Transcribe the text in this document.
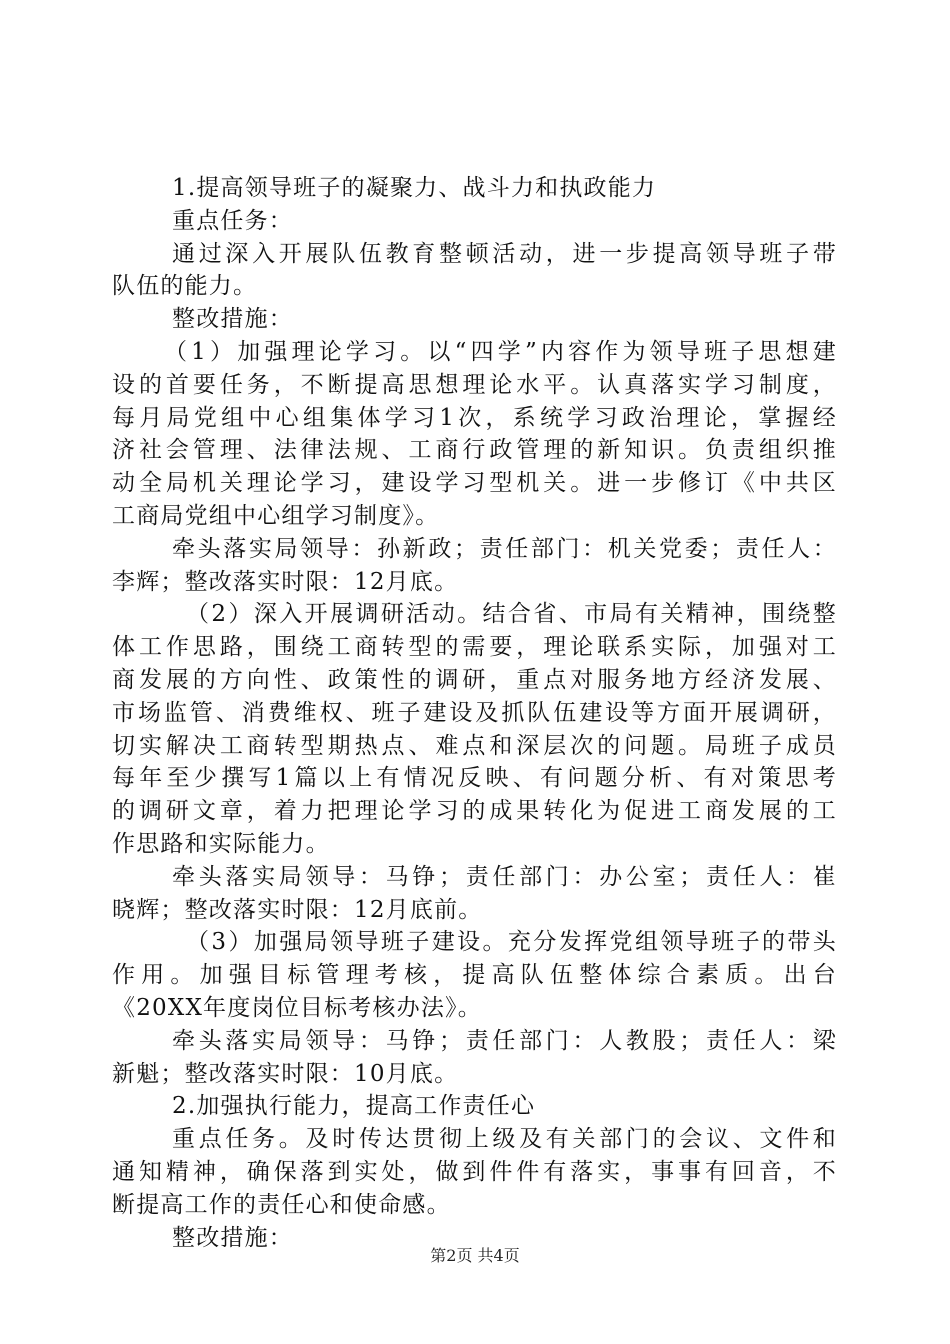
1.提高领导班子的凝聚力、战斗力和执政能力
重点任务：
通过深入开展队伍教育整顿活动，进一步提高领导班子带
队伍的能力。
整改措施：
（1）加强理论学习。以“四学”内容作为领导班子思想建
设的首要任务，不断提高思想理论水平。认真落实学习制度，
每月局党组中心组集体学习1次，系统学习政治理论，掌握经
济社会管理、法律法规、工商行政管理的新知识。负责组织推
动全局机关理论学习，建设学习型机关。进一步修订《中共区
工商局党组中心组学习制度》。
牵头落实局领导：孙新政；责任部门：机关党委；责任人：
李辉；整改落实时限：12月底。
（2）深入开展调研活动。结合省、市局有关精神，围绕整
体工作思路，围绕工商转型的需要，理论联系实际，加强对工
商发展的方向性、政策性的调研，重点对服务地方经济发展、
市场监管、消费维权、班子建设及抓队伍建设等方面开展调研，
切实解决工商转型期热点、难点和深层次的问题。局班子成员
每年至少撰写1篇以上有情况反映、有问题分析、有对策思考
的调研文章，着力把理论学习的成果转化为促进工商发展的工
作思路和实际能力。
牵头落实局领导：马铮；责任部门：办公室；责任人：崔
晓辉；整改落实时限：12月底前。
（3）加强局领导班子建设。充分发挥党组领导班子的带头
作用。加强目标管理考核，提高队伍整体综合素质。出台
《20XX年度岗位目标考核办法》。
牵头落实局领导：马铮；责任部门：人教股；责任人：梁
新魁；整改落实时限：10月底。
2.加强执行能力，提高工作责任心
重点任务。及时传达贯彻上级及有关部门的会议、文件和
通知精神，确保落到实处，做到件件有落实，事事有回音，不
断提高工作的责任心和使命感。
整改措施：
第2页 共4页
